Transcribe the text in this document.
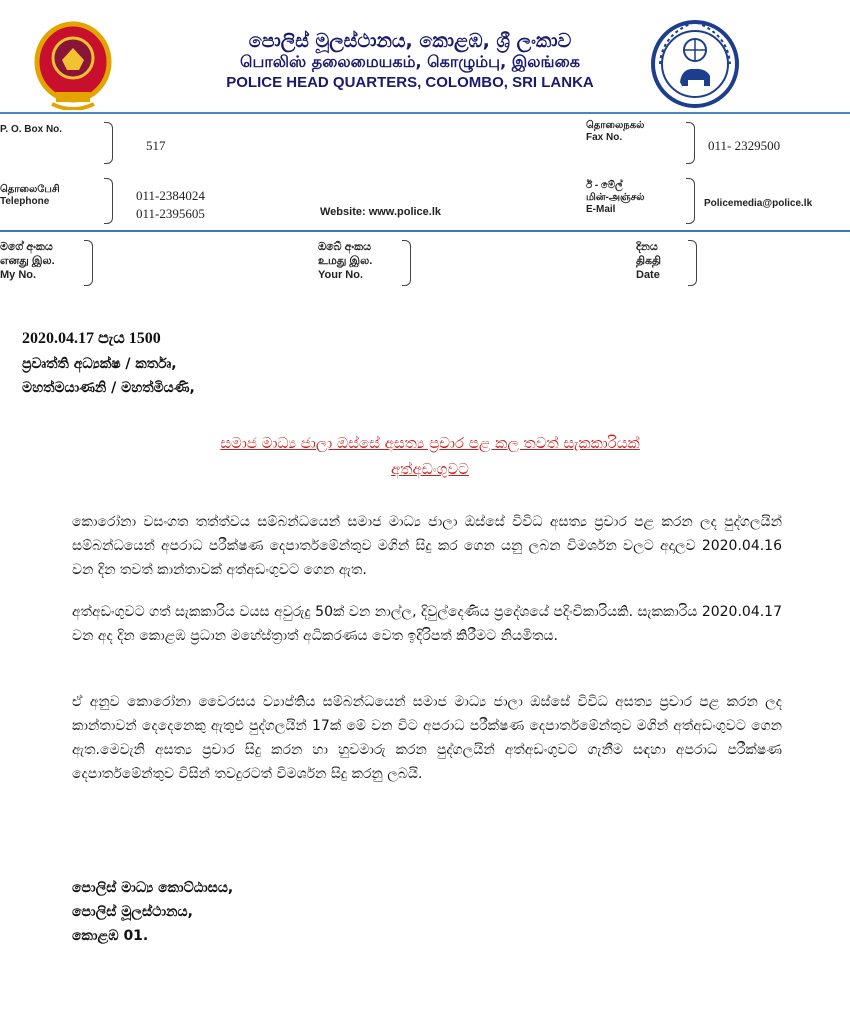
පොලිස් මූලස්ථානය, කොළඹ, ශ්‍රී ලංකාව
பொலிஸ் தலைமையகம், கொழும்பு, இலங்கை
POLICE HEAD QUARTERS, COLOMBO, SRI LANKA
P. O. Box No.
517
தொலைநகல்
Fax No.
011- 2329500
தொலைபேசி
Telephone	011-2384024
011-2395605	Website: www.police.lk
ඊ - මේල්
மின்-அஞ்சல்
E-Mail
Policemedia@police.lk
මගේ අංකය
எனது இல.
My No.
ඔබේ අංකය
உமது இல.
Your No.
දිනය
திகதி
Date
2020.04.17 පැය 1500
ප්‍රවෘත්ති අධ්‍යක්ෂ / කර්තෘ,
මහත්මයාණනි / මහත්මියණි,
සමාජ මාධ්‍ය ජාලා ඔස්සේ අසත්‍ය ප්‍රචාර පළ කල තවත් සැකකාරියක්
අත්අඩංගුවට
කොරෝනා වසංගත තත්ත්වය සම්බන්ධයෙන් සමාජ මාධ්‍ය ජාලා ඔස්සේ විවිධ අසත්‍ය ප්‍රචාර පළ කරන ලද පුද්ගලයින් සම්බන්ධයෙන් අපරාධ පරීක්ෂණ දෙපාර්තමේන්තුව මගින් සිදු කර ගෙන යනු ලබන විමර්ශන වලට අදාලව 2020.04.16 වන දින තවත් කාන්තාවක් අත්අඩංගුවට ගෙන ඇත.
අත්අඩංගුවට ගත් සැකකාරිය වයස අවුරුදු 50ක් වන නාල්ල, දිවුල්දෙණිය ප්‍රදේශයේ පදිංචිකාරියකි. සැකකාරිය 2020.04.17 වන අද දින කොළඹ ප්‍රධාන මහේස්ත්‍රාත් අධිකරණය වෙත ඉදිරිපත් කිරීමට නියමිතය.
ඒ අනුව කොරෝනා වෛරසය ව්‍යාප්තිය සම්බන්ධයෙන් සමාජ මාධ්‍ය ජාලා ඔස්සේ විවිධ අසත්‍ය ප්‍රචාර පළ කරන ලද කාන්තාවන් දෙදෙනෙකු ඇතුළු පුද්ගලයින් 17ක් මේ වන විට අපරාධ පරීක්ෂණ දෙපාර්තමේන්තුව මගින් අත්අඩංගුවට ගෙන ඇත.මෙවැනි අසත්‍ය ප්‍රචාර සිදු කරන හා හුවමාරු කරන පුද්ගලයින් අත්අඩංගුවට ගැනීම සඳහා අපරාධ පරීක්ෂණ දෙපාර්තමේන්තුව විසින් තවදුරටත් විමර්ශන සිදු කරනු ලබයි.
පොලිස් මාධ්‍ය කොට්ඨාසය,
පොලිස් මූලස්ථානය,
කොළඹ 01.
